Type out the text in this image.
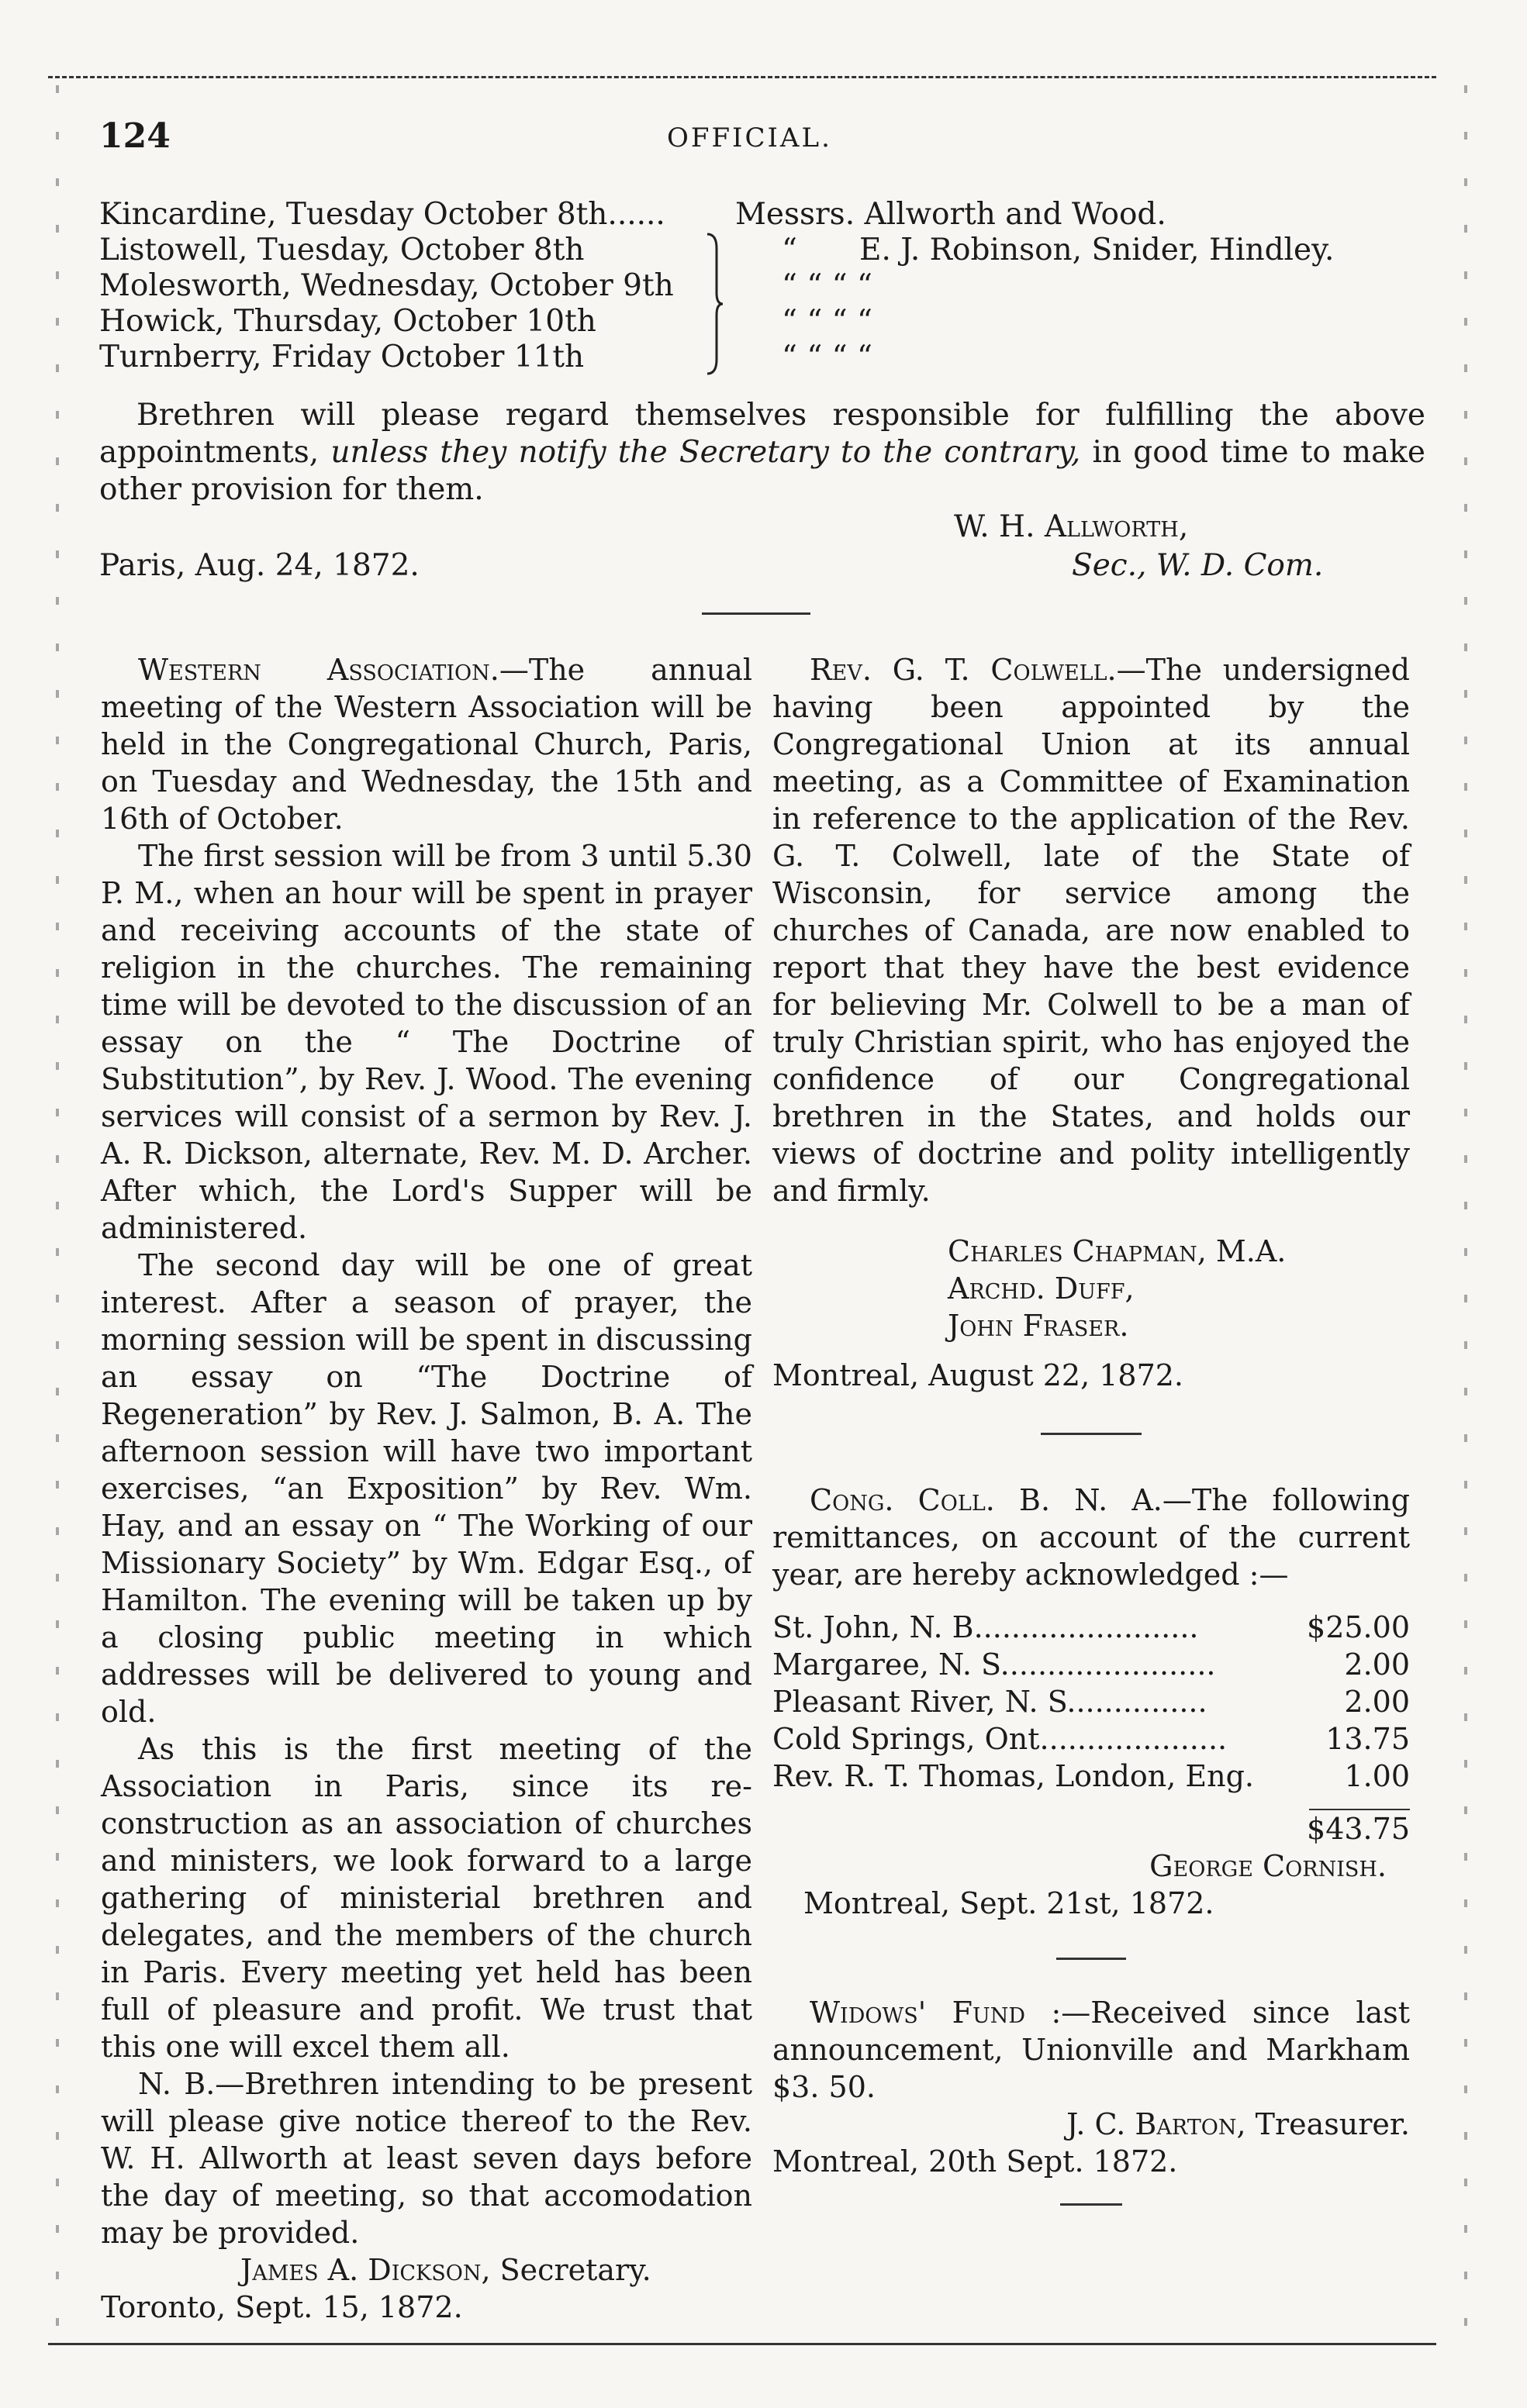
124	OFFICIAL.
Kincardine, Tuesday October 8th...... Messrs. Allworth and Wood.
Listowell, Tuesday, October 8th	“ E. J. Robinson, Snider, Hindley.
Molesworth, Wednesday, October 9th	“ “ “ “
Howick, Thursday, October 10th	“ “ “ “
Turnberry, Friday October 11th	“ “ “ “
Brethren will please regard themselves responsible for fulfilling the above appointments, unless they notify the Secretary to the contrary, in good time to make other provision for them.
W. H. Allworth,
Paris, Aug. 24, 1872.	Sec., W. D. Com.

Western Association.—The annual meeting of the Western Association will be held in the Congregational Church, Paris, on Tuesday and Wednesday, the 15th and 16th of October.

The first session will be from 3 until 5.30 P. M., when an hour will be spent in prayer and receiving accounts of the state of religion in the churches. The remaining time will be devoted to the discussion of an essay on the “ The Doctrine of Substitution”, by Rev. J. Wood. The evening services will consist of a sermon by Rev. J. A. R. Dickson, alternate, Rev. M. D. Archer. After which, the Lord's Supper will be administered.

The second day will be one of great interest. After a season of prayer, the morning session will be spent in discussing an essay on “The Doctrine of Regeneration” by Rev. J. Salmon, B. A. The afternoon session will have two important exercises, “an Exposition” by Rev. Wm. Hay, and an essay on “ The Working of our Missionary Society” by Wm. Edgar Esq., of Hamilton. The evening will be taken up by a closing public meeting in which addresses will be delivered to young and old.

As this is the first meeting of the Association in Paris, since its re-construction as an association of churches and ministers, we look forward to a large gathering of ministerial brethren and delegates, and the members of the church in Paris. Every meeting yet held has been full of pleasure and profit. We trust that this one will excel them all.

N. B.—Brethren intending to be present will please give notice thereof to the Rev. W. H. Allworth at least seven days before the day of meeting, so that accomodation may be provided.

James A. Dickson, Secretary.

Toronto, Sept. 15, 1872.

Rev. G. T. Colwell.—The undersigned having been appointed by the Congregational Union at its annual meeting, as a Committee of Examination in reference to the application of the Rev. G. T. Colwell, late of the State of Wisconsin, for service among the churches of Canada, are now enabled to report that they have the best evidence for believing Mr. Colwell to be a man of truly Christian spirit, who has enjoyed the confidence of our Congregational brethren in the States, and holds our views of doctrine and polity intelligently and firmly.

Charles Chapman, M.A.
Archd. Duff,
John Fraser.

Montreal, August 22, 1872.

Cong. Coll. B. N. A.—The following remittances, on account of the current year, are hereby acknowledged :—

St. John, N. B........................	$25.00
Margaree, N. S.......................	2.00
Pleasant River, N. S...............	2.00
Cold Springs, Ont....................	13.75
Rev. R. T. Thomas, London, Eng.	1.00
$43.75
George Cornish.

Montreal, Sept. 21st, 1872.

Widows' Fund :—Received since last announcement, Unionville and Markham $3. 50.

J. C. Barton, Treasurer.

Montreal, 20th Sept. 1872.
